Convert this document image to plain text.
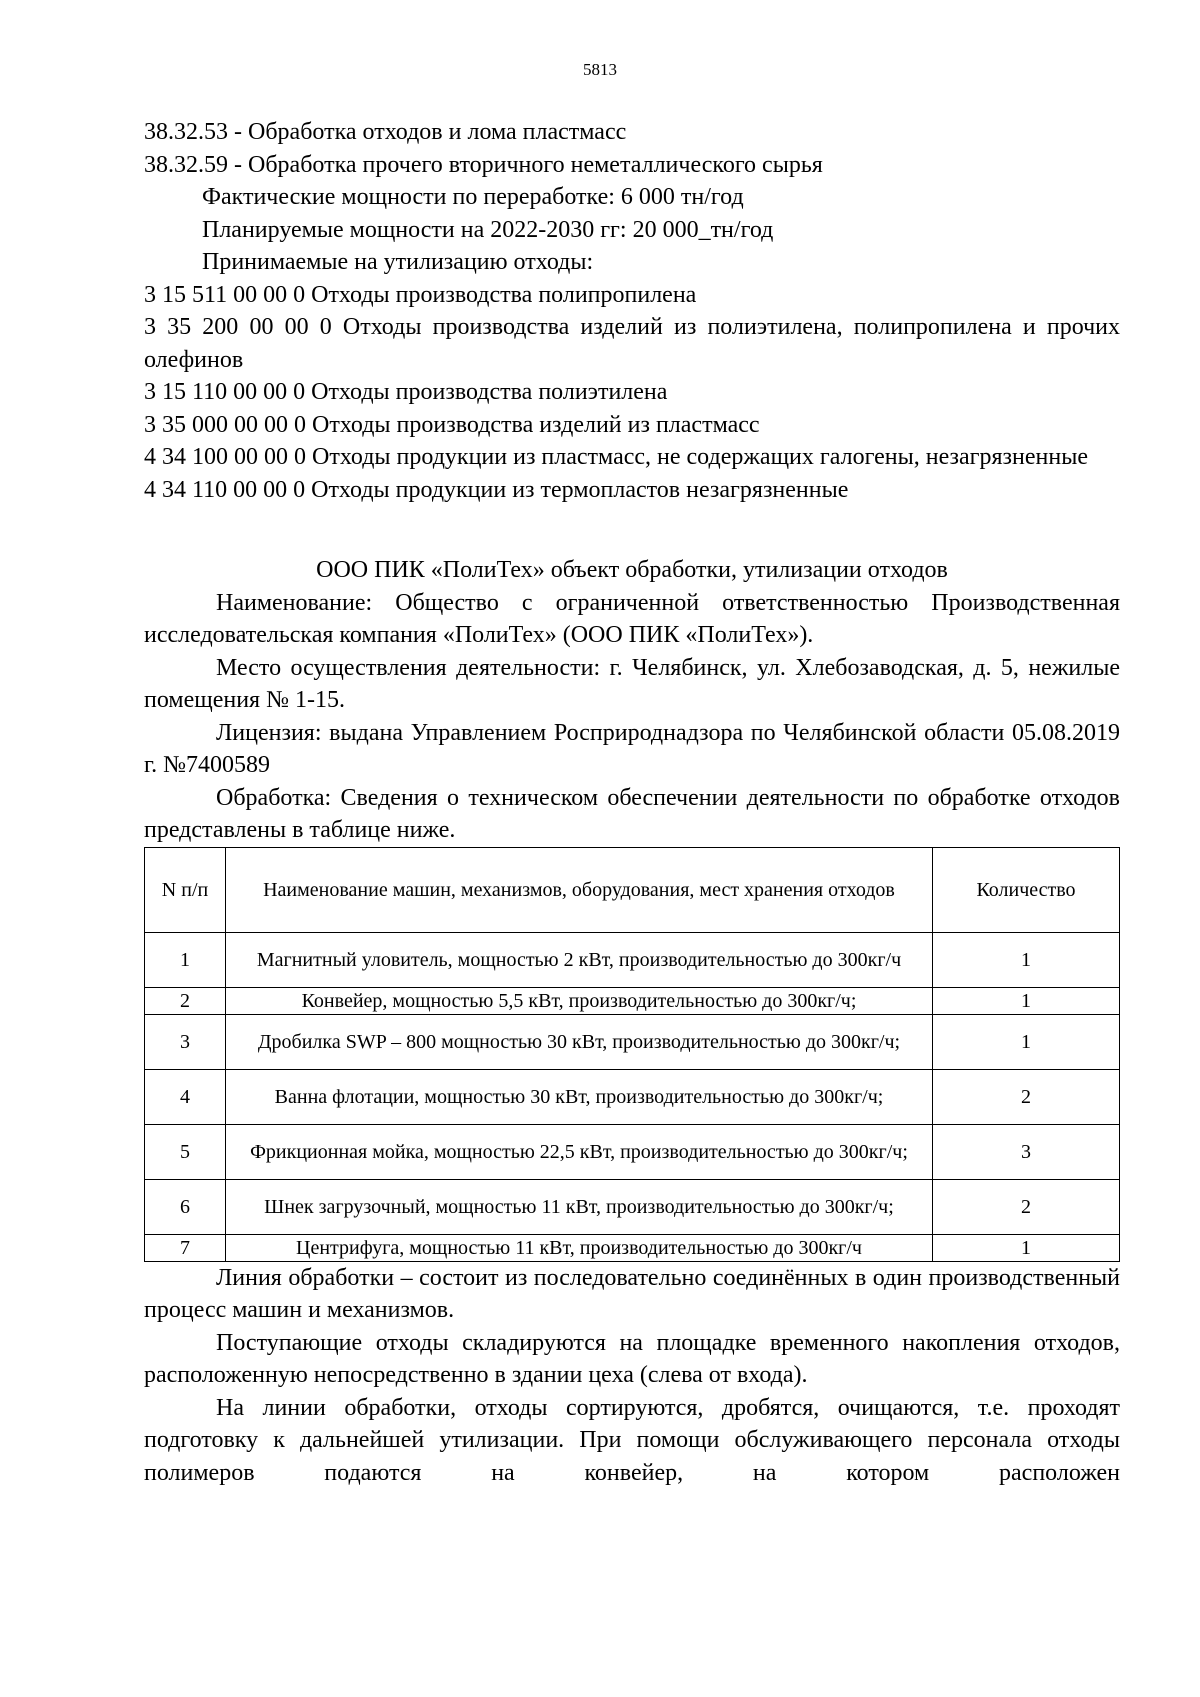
5813

38.32.53 - Обработка отходов и лома пластмасс

38.32.59 - Обработка прочего вторичного неметаллического сырья

Фактические мощности по переработке: 6 000 тн/год

Планируемые мощности на 2022-2030 гг: 20 000_тн/год

Принимаемые на утилизацию отходы:

3 15 511 00 00 0 Отходы производства полипропилена

3 35 200 00 00 0 Отходы производства изделий из полиэтилена, полипропилена и прочих олефинов

3 15 110 00 00 0 Отходы производства полиэтилена

3 35 000 00 00 0 Отходы производства изделий из пластмасс

4 34 100 00 00 0 Отходы продукции из пластмасс, не содержащих галогены, незагрязненные

4 34 110 00 00 0 Отходы продукции из термопластов незагрязненные

ООО ПИК «ПолиТех» объект обработки, утилизации отходов

Наименование: Общество с ограниченной ответственностью Производственная исследовательская компания «ПолиТех» (ООО ПИК «ПолиТех»).

Место осуществления деятельности: г. Челябинск, ул. Хлебозаводская, д. 5, нежилые помещения № 1-15.

Лицензия: выдана Управлением Росприроднадзора по Челябинской области 05.08.2019 г. №7400589

Обработка: Сведения о техническом обеспечении деятельности по обработке отходов представлены в таблице ниже.

N п/п	Наименование машин, механизмов, оборудования, мест хранения отходов	Количество
1	Магнитный уловитель, мощностью 2 кВт, производительностью до 300кг/ч	1
2	Конвейер, мощностью 5,5 кВт, производительностью до 300кг/ч;	1
3	Дробилка SWP – 800 мощностью 30 кВт, производительностью до 300кг/ч;	1
4	Ванна флотации, мощностью 30 кВт, производительностью до 300кг/ч;	2
5	Фрикционная мойка, мощностью 22,5 кВт, производительностью до 300кг/ч;	3
6	Шнек загрузочный, мощностью 11 кВт, производительностью до 300кг/ч;	2
7	Центрифуга, мощностью 11 кВт, производительностью до 300кг/ч	1

Линия обработки – состоит из последовательно соединённых в один производственный процесс машин и механизмов.

Поступающие отходы складируются на площадке временного накопления отходов, расположенную непосредственно в здании цеха (слева от входа).

На линии обработки, отходы сортируются, дробятся, очищаются, т.е. проходят подготовку к дальнейшей утилизации. При помощи обслуживающего персонала отходы полимеров подаются на конвейер, на котором расположен
